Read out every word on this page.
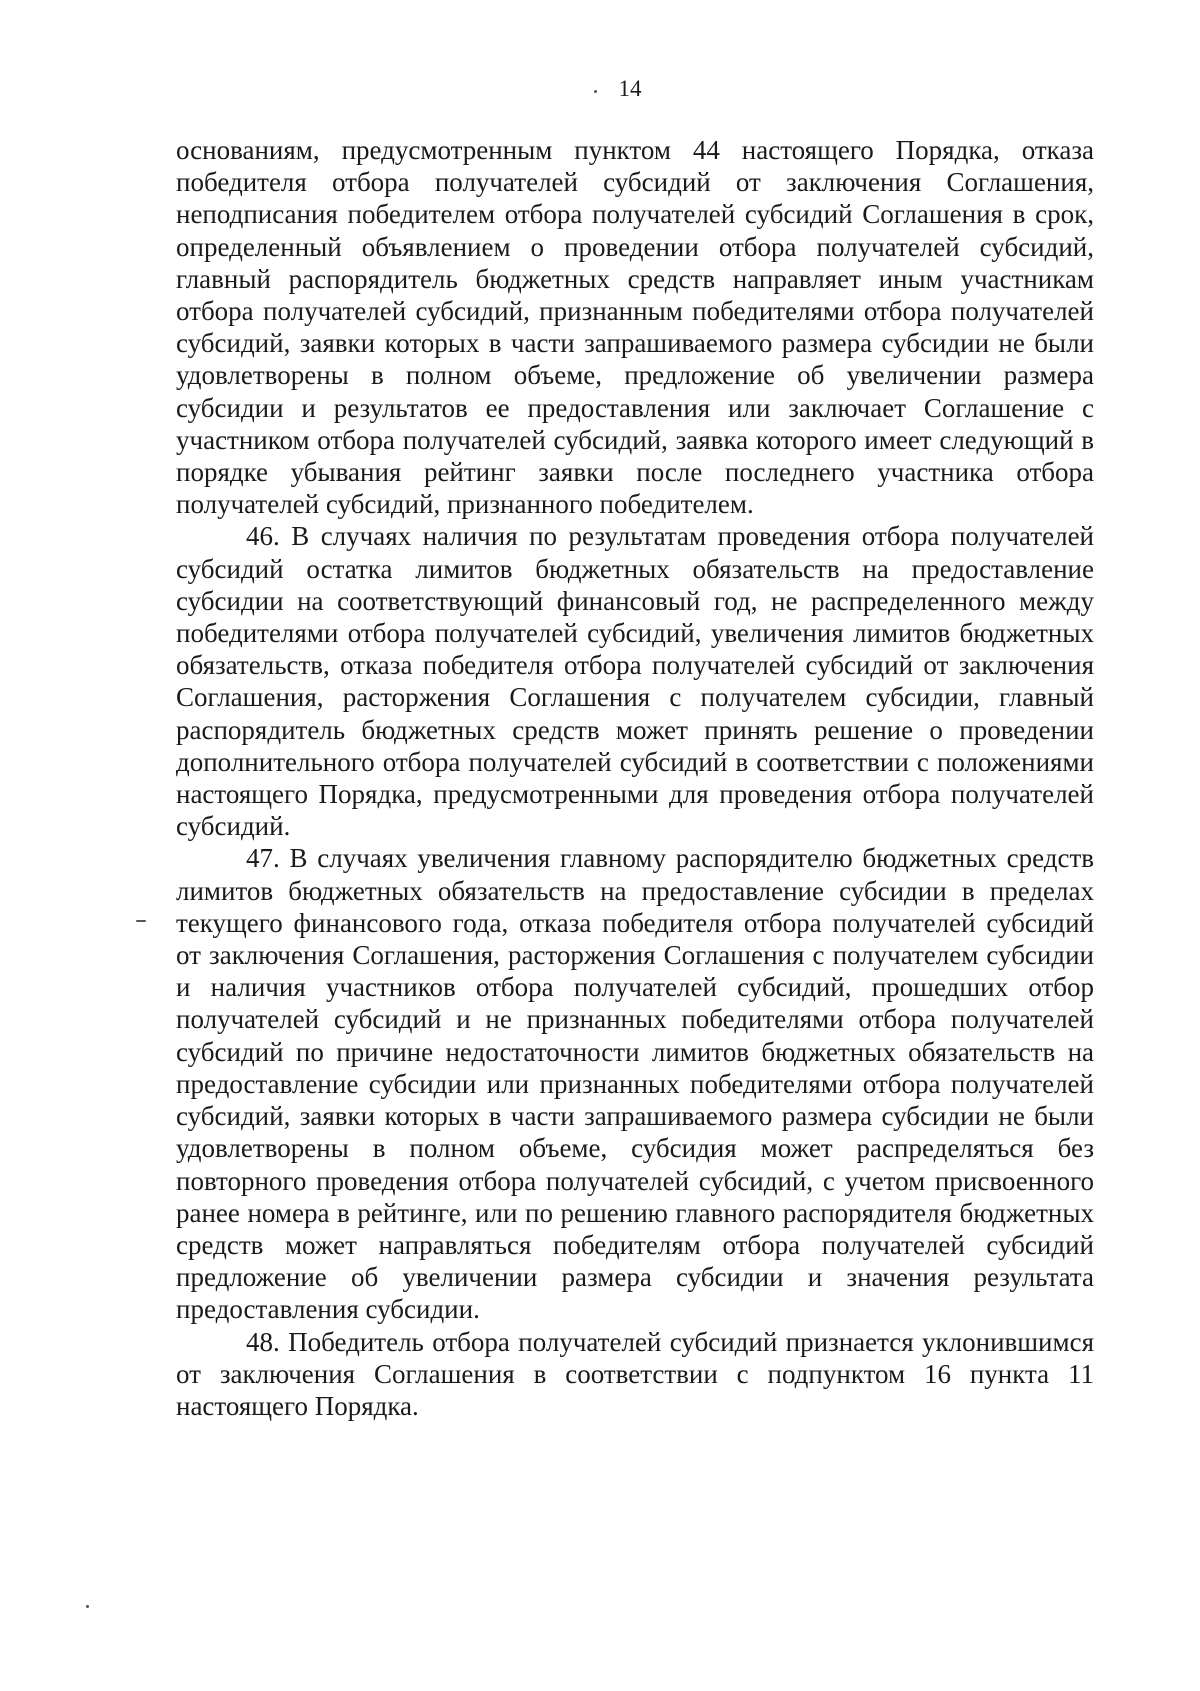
14

основаниям, предусмотренным пунктом 44 настоящего Порядка, отказа победителя отбора получателей субсидий от заключения Соглашения, неподписания победителем отбора получателей субсидий Соглашения в срок, определенный объявлением о проведении отбора получателей субсидий, главный распорядитель бюджетных средств направляет иным участникам отбора получателей субсидий, признанным победителями отбора получателей субсидий, заявки которых в части запрашиваемого размера субсидии не были удовлетворены в полном объеме, предложение об увеличении размера субсидии и результатов ее предоставления или заключает Соглашение с участником отбора получателей субсидий, заявка которого имеет следующий в порядке убывания рейтинг заявки после последнего участника отбора получателей субсидий, признанного победителем.

46. В случаях наличия по результатам проведения отбора получателей субсидий остатка лимитов бюджетных обязательств на предоставление субсидии на соответствующий финансовый год, не распределенного между победителями отбора получателей субсидий, увеличения лимитов бюджетных обязательств, отказа победителя отбора получателей субсидий от заключения Соглашения, расторжения Соглашения с получателем субсидии, главный распорядитель бюджетных средств может принять решение о проведении дополнительного отбора получателей субсидий в соответствии с положениями настоящего Порядка, предусмотренными для проведения отбора получателей субсидий.

47. В случаях увеличения главному распорядителю бюджетных средств лимитов бюджетных обязательств на предоставление субсидии в пределах текущего финансового года, отказа победителя отбора получателей субсидий от заключения Соглашения, расторжения Соглашения с получателем субсидии и наличия участников отбора получателей субсидий, прошедших отбор получателей субсидий и не признанных победителями отбора получателей субсидий по причине недостаточности лимитов бюджетных обязательств на предоставление субсидии или признанных победителями отбора получателей субсидий, заявки которых в части запрашиваемого размера субсидии не были удовлетворены в полном объеме, субсидия может распределяться без повторного проведения отбора получателей субсидий, с учетом присвоенного ранее номера в рейтинге, или по решению главного распорядителя бюджетных средств может направляться победителям отбора получателей субсидий предложение об увеличении размера субсидии и значения результата предоставления субсидии.

48. Победитель отбора получателей субсидий признается уклонившимся от заключения Соглашения в соответствии с подпунктом 16 пункта 11 настоящего Порядка.
